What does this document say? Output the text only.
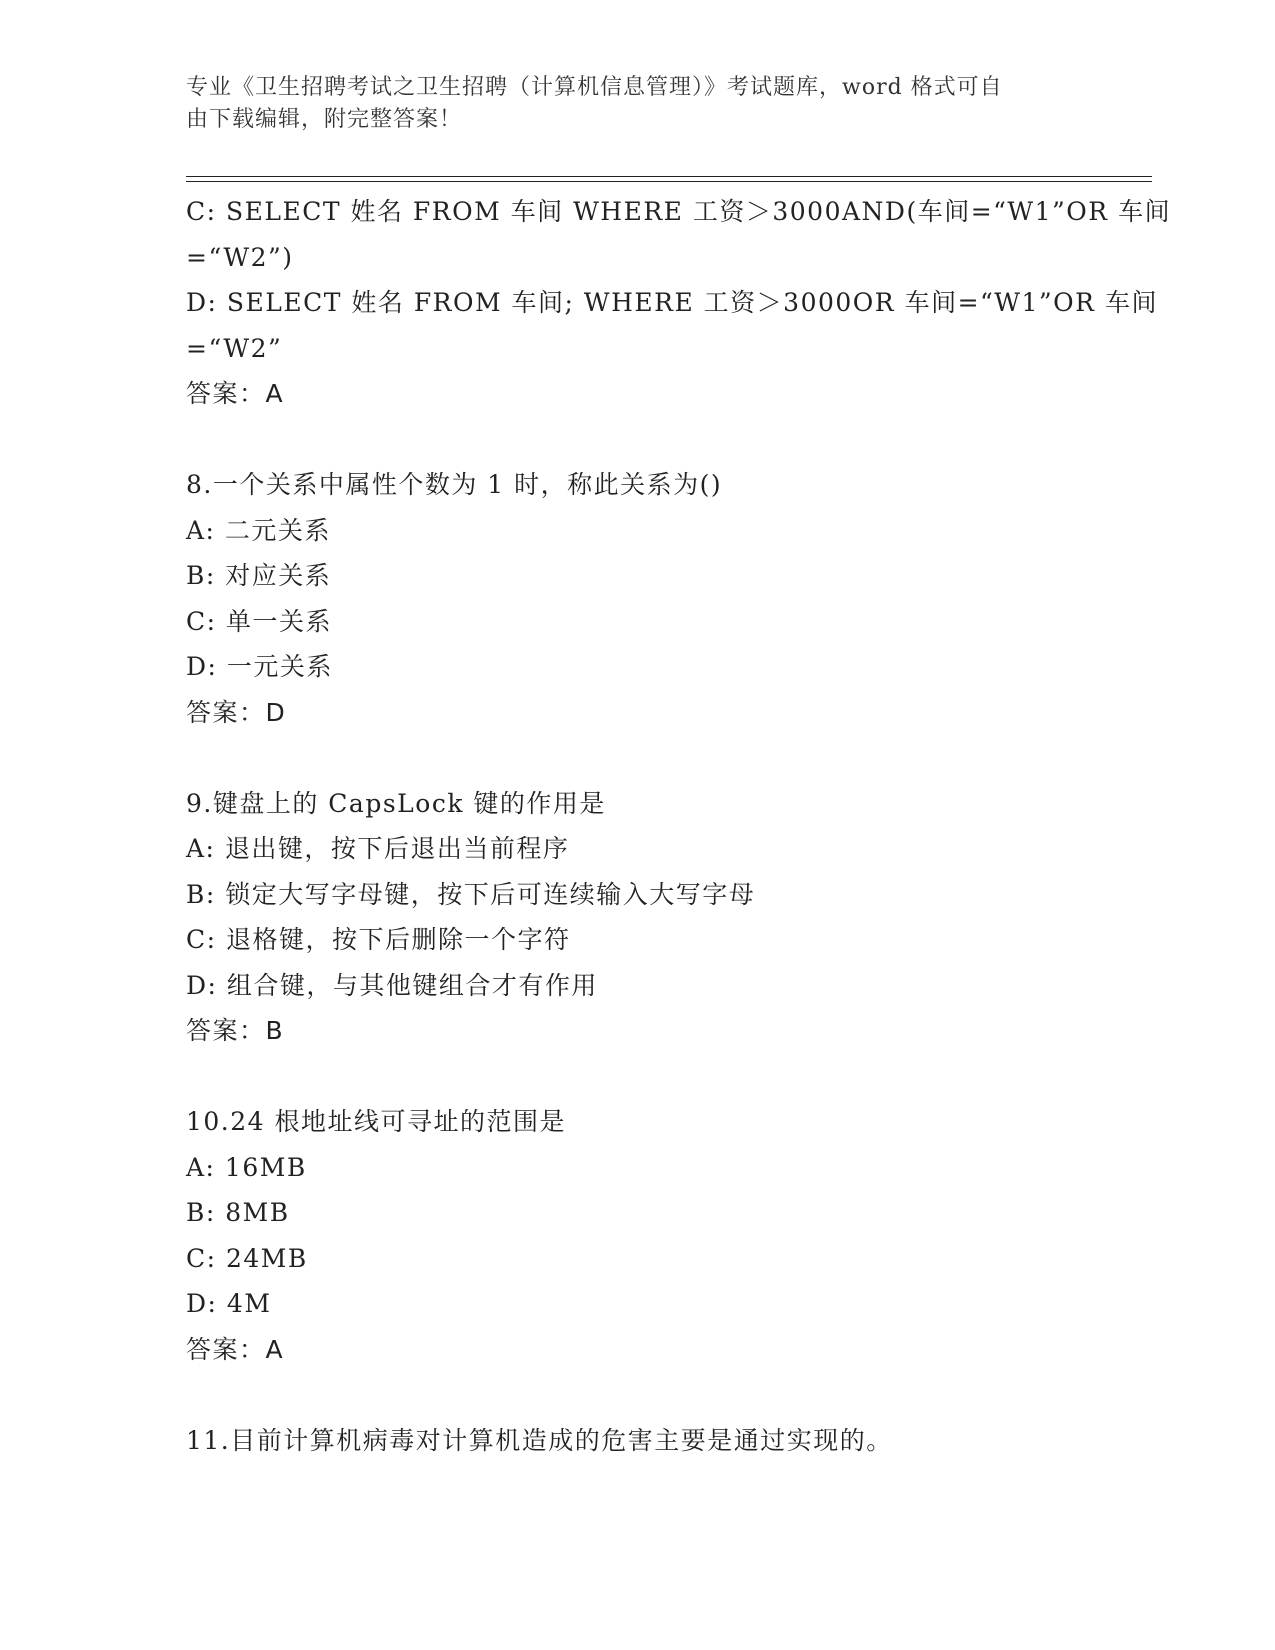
专业《卫生招聘考试之卫生招聘（计算机信息管理）》考试题库，word 格式可自
由下载编辑，附完整答案！
C: SELECT 姓名 FROM 车间 WHERE 工资＞3000AND(车间=“W1”OR 车间
=“W2”)
D: SELECT 姓名 FROM 车间; WHERE 工资＞3000OR 车间=“W1”OR 车间
=“W2”
答案：A
8.一个关系中属性个数为 1 时，称此关系为()
A: 二元关系
B: 对应关系
C: 单一关系
D: 一元关系
答案：D
9.键盘上的 CapsLock 键的作用是
A: 退出键，按下后退出当前程序
B: 锁定大写字母键，按下后可连续输入大写字母
C: 退格键，按下后删除一个字符
D: 组合键，与其他键组合才有作用
答案：B
10.24 根地址线可寻址的范围是
A: 16MB
B: 8MB
C: 24MB
D: 4M
答案：A
11.目前计算机病毒对计算机造成的危害主要是通过实现的。
